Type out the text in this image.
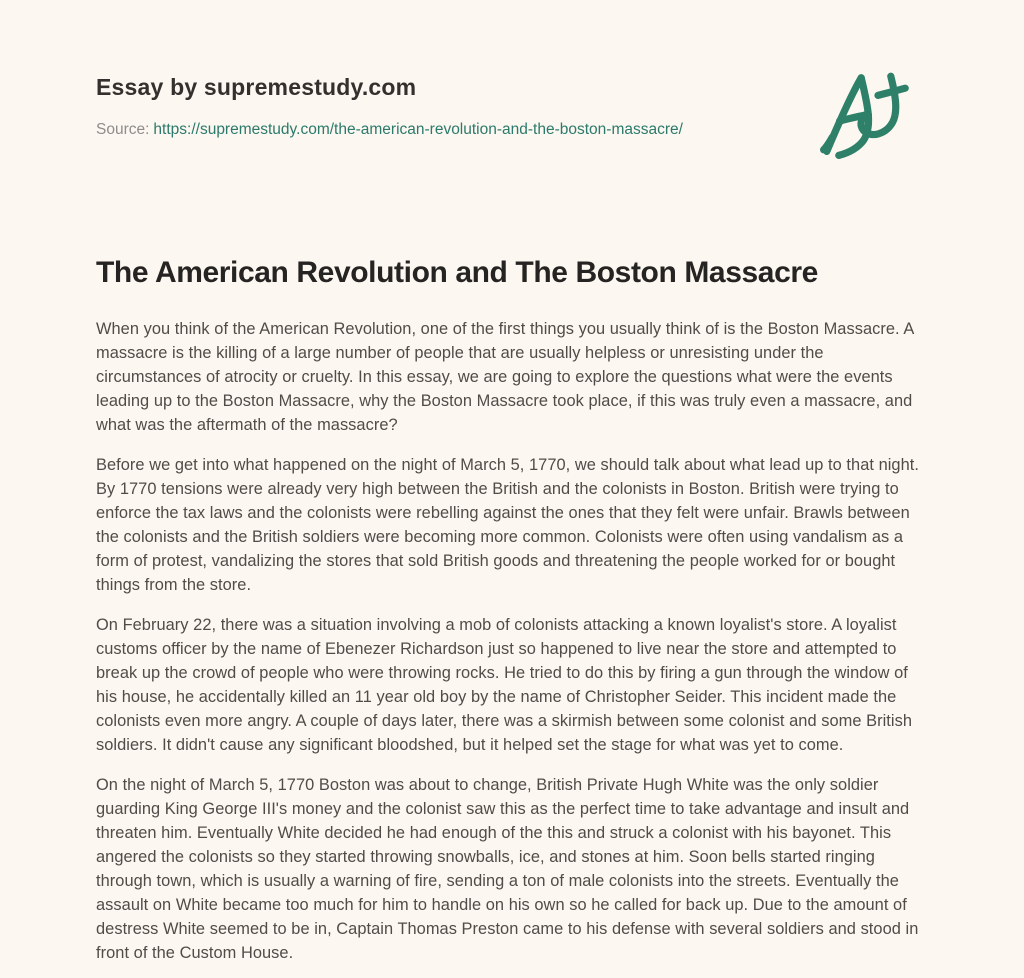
Essay by supremestudy.com
Source: https://supremestudy.com/the-american-revolution-and-the-boston-massacre/
The American Revolution and The Boston Massacre

When you think of the American Revolution, one of the first things you usually think of is the Boston Massacre. A massacre is the killing of a large number of people that are usually helpless or unresisting under the circumstances of atrocity or cruelty. In this essay, we are going to explore the questions what were the events leading up to the Boston Massacre, why the Boston Massacre took place, if this was truly even a massacre, and what was the aftermath of the massacre?

Before we get into what happened on the night of March 5, 1770, we should talk about what lead up to that night. By 1770 tensions were already very high between the British and the colonists in Boston. British were trying to enforce the tax laws and the colonists were rebelling against the ones that they felt were unfair. Brawls between the colonists and the British soldiers were becoming more common. Colonists were often using vandalism as a form of protest, vandalizing the stores that sold British goods and threatening the people worked for or bought things from the store.

On February 22, there was a situation involving a mob of colonists attacking a known loyalist's store. A loyalist customs officer by the name of Ebenezer Richardson just so happened to live near the store and attempted to break up the crowd of people who were throwing rocks. He tried to do this by firing a gun through the window of his house, he accidentally killed an 11 year old boy by the name of Christopher Seider. This incident made the colonists even more angry. A couple of days later, there was a skirmish between some colonist and some British soldiers. It didn't cause any significant bloodshed, but it helped set the stage for what was yet to come.

On the night of March 5, 1770 Boston was about to change, British Private Hugh White was the only soldier guarding King George III's money and the colonist saw this as the perfect time to take advantage and insult and threaten him. Eventually White decided he had enough of the this and struck a colonist with his bayonet. This angered the colonists so they started throwing snowballs, ice, and stones at him. Soon bells started ringing through town, which is usually a warning of fire, sending a ton of male colonists into the streets. Eventually the assault on White became too much for him to handle on his own so he called for back up. Due to the amount of destress White seemed to be in, Captain Thomas Preston came to his defense with several soldiers and stood in front of the Custom House.
